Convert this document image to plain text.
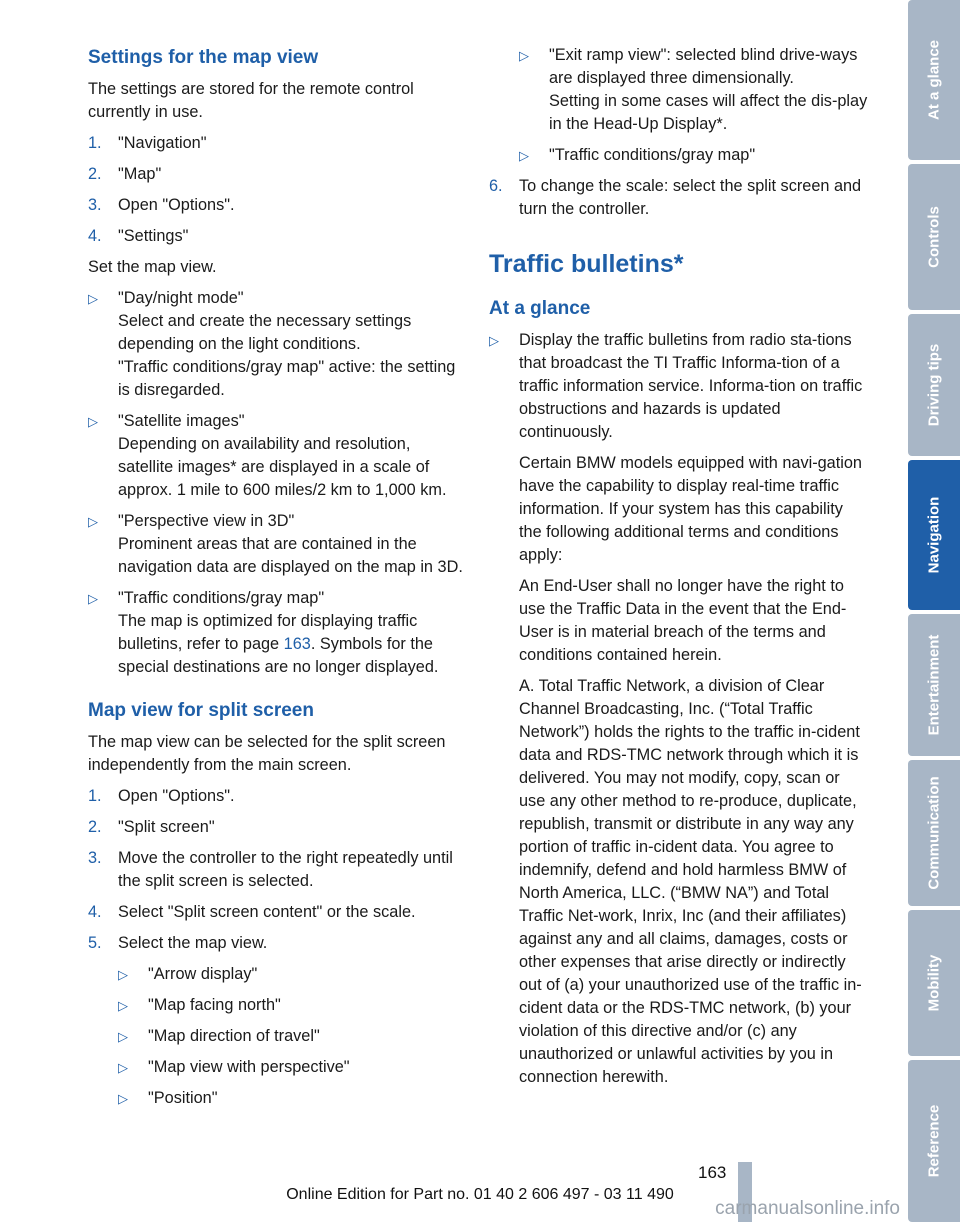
Settings for the map view

The settings are stored for the remote control currently in use.

1. "Navigation"
2. "Map"
3. Open "Options".
4. "Settings"

Set the map view.

▷ "Day/night mode"
Select and create the necessary settings depending on the light conditions.
"Traffic conditions/gray map" active: the setting is disregarded.
▷ "Satellite images"
Depending on availability and resolution, satellite images* are displayed in a scale of approx. 1 mile to 600 miles/2 km to 1,000 km.
▷ "Perspective view in 3D"
Prominent areas that are contained in the navigation data are displayed on the map in 3D.
▷ "Traffic conditions/gray map"
The map is optimized for displaying traffic bulletins, refer to page 163. Symbols for the special destinations are no longer displayed.
Map view for split screen

The map view can be selected for the split screen independently from the main screen.

1. Open "Options".
2. "Split screen"
3. Move the controller to the right repeatedly until the split screen is selected.
4. Select "Split screen content" or the scale.
5. Select the map view.
▷ "Arrow display"
▷ "Map facing north"
▷ "Map direction of travel"
▷ "Map view with perspective"
▷ "Position"
▷ "Exit ramp view": selected blind drive-ways are displayed three dimensionally.
Setting in some cases will affect the dis-play in the Head-Up Display*.
▷ "Traffic conditions/gray map"
6. To change the scale: select the split screen and turn the controller.
Traffic bulletins*
At a glance
▷ Display the traffic bulletins from radio sta-tions that broadcast the TI Traffic Informa-tion of a traffic information service. Informa-tion on traffic obstructions and hazards is updated continuously.
Certain BMW models equipped with navi-gation have the capability to display real-time traffic information. If your system has this capability the following additional terms and conditions apply:
An End-User shall no longer have the right to use the Traffic Data in the event that the End-User is in material breach of the terms and conditions contained herein.
A. Total Traffic Network, a division of Clear Channel Broadcasting, Inc. (“Total Traffic Network”) holds the rights to the traffic in-cident data and RDS-TMC network through which it is delivered. You may not modify, copy, scan or use any other method to re-produce, duplicate, republish, transmit or distribute in any way any portion of traffic in-cident data. You agree to indemnify, defend and hold harmless BMW of North America, LLC. (“BMW NA”) and Total Traffic Net-work, Inrix, Inc (and their affiliates) against any and all claims, damages, costs or other expenses that arise directly or indirectly out of (a) your unauthorized use of the traffic in-cident data or the RDS-TMC network, (b) your violation of this directive and/or (c) any unauthorized or unlawful activities by you in connection herewith.
At a glance
Controls
Driving tips
Navigation
Entertainment
Communication
Mobility
Reference
163
Online Edition for Part no. 01 40 2 606 497 - 03 11 490
carmanualsonline.info
